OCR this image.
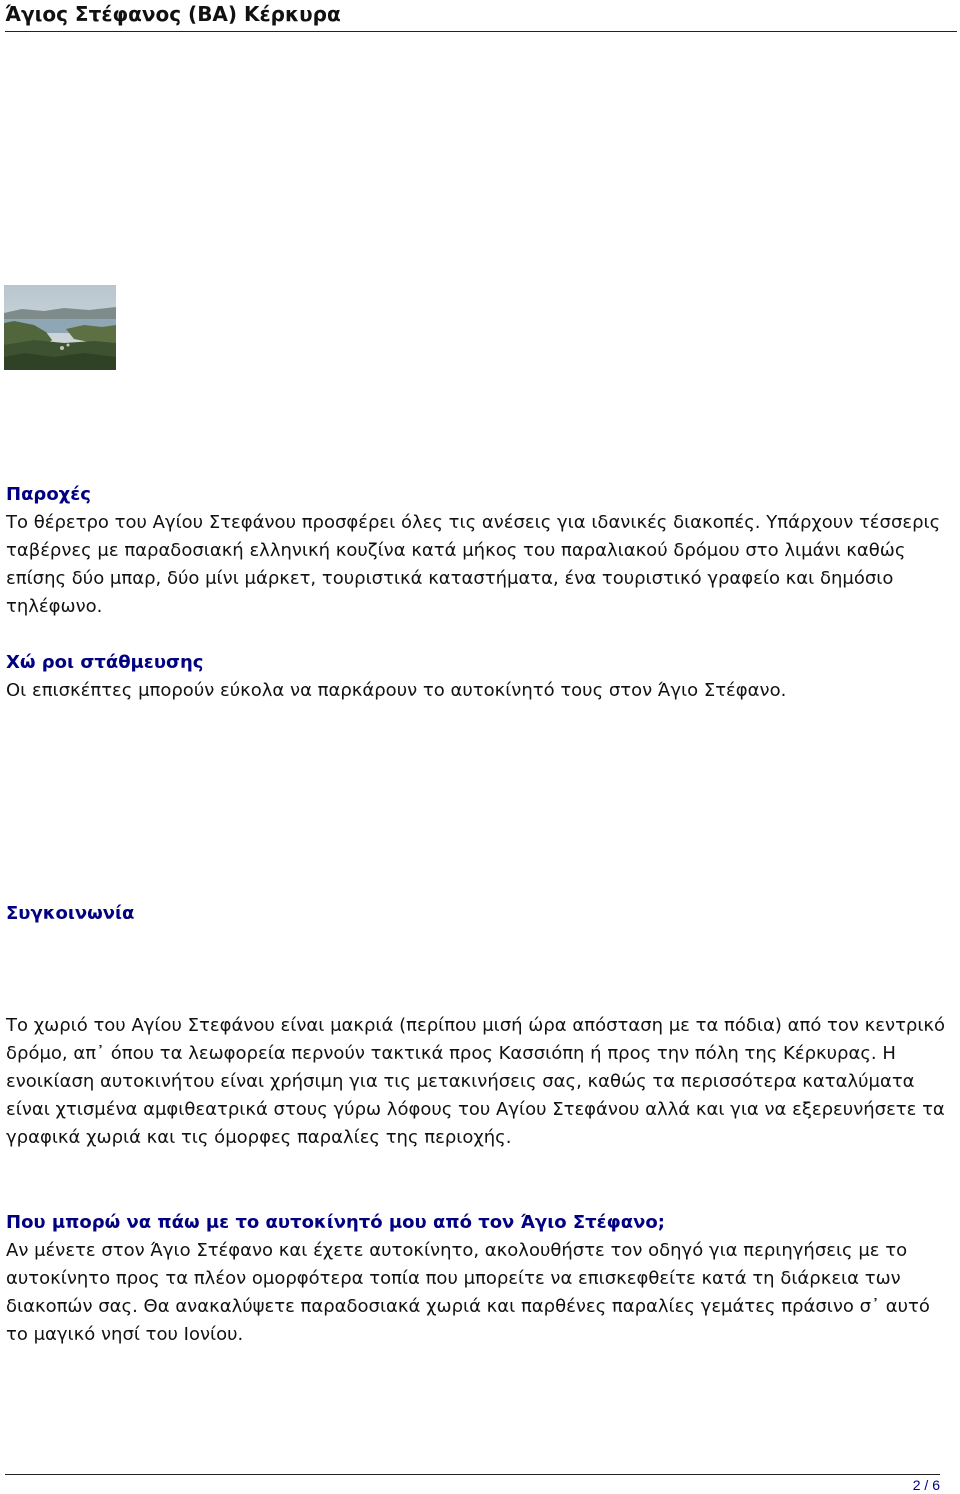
Άγιος Στέφανος (ΒΑ) Κέρκυρα
Παροχές
Το θέρετρο του Αγίου Στεφάνου προσφέρει όλες τις ανέσεις για ιδανικές διακοπές. Υπάρχουν τέσσερις ταβέρνες με παραδοσιακή ελληνική κουζίνα κατά μήκος του παραλιακού δρόμου στο λιμάνι καθώς επίσης δύο μπαρ, δύο μίνι μάρκετ, τουριστικά καταστήματα, ένα τουριστικό γραφείο και δημόσιο τηλέφωνο.
Χώ ροι στάθμευσης
Οι επισκέπτες μπορούν εύκολα να παρκάρουν το αυτοκίνητό τους στον Άγιο Στέφανο.
Συγκοινωνία
Το χωριό του Αγίου Στεφάνου είναι μακριά (περίπου μισή ώρα απόσταση με τα πόδια) από τον κεντρικό δρόμο, απ᾽ όπου τα λεωφορεία περνούν τακτικά προς Κασσιόπη ή προς την πόλη της Κέρκυρας. Η ενοικίαση αυτοκινήτου είναι χρήσιμη για τις μετακινήσεις σας, καθώς τα περισσότερα καταλύματα είναι χτισμένα αμφιθεατρικά στους γύρω λόφους του Αγίου Στεφάνου αλλά και για να εξερευνήσετε τα γραφικά χωριά και τις όμορφες παραλίες της περιοχής.
Που μπορώ να πάω με το αυτοκίνητό μου από τον Άγιο Στέφανο;
Αν μένετε στον Άγιο Στέφανο και έχετε αυτοκίνητο, ακολουθήστε τον οδηγό για περιηγήσεις με το αυτοκίνητο προς τα πλέον ομορφότερα τοπία που μπορείτε να επισκεφθείτε κατά τη διάρκεια των διακοπών σας. Θα ανακαλύψετε παραδοσιακά χωριά και παρθένες παραλίες γεμάτες πράσινο σ᾽ αυτό το μαγικό νησί του Ιονίου.
2 / 6
